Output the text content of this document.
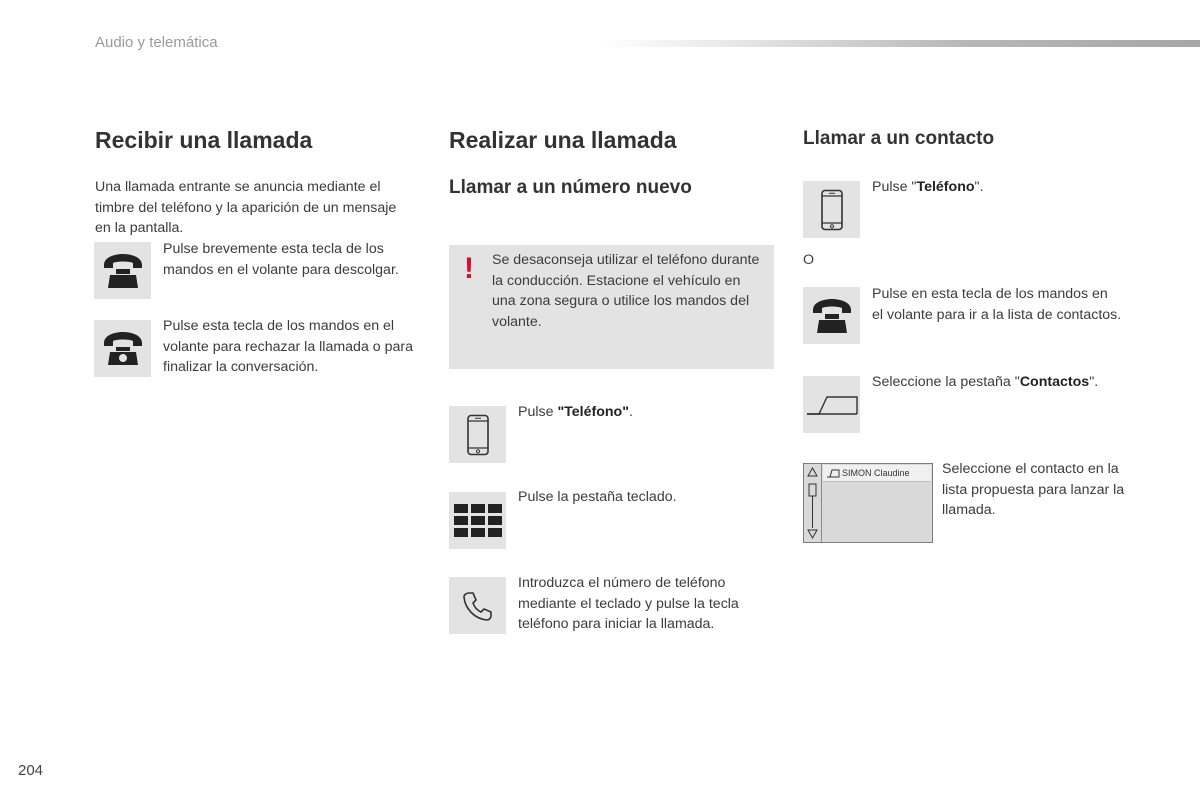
Audio y telemática
Recibir una llamada
Una llamada entrante se anuncia mediante el timbre del teléfono y la aparición de un mensaje en la pantalla.
Pulse brevemente esta tecla de los mandos en el volante para descolgar.
Pulse esta tecla de los mandos en el volante para rechazar la llamada o para finalizar la conversación.
Realizar una llamada
Llamar a un número nuevo
! Se desaconseja utilizar el teléfono durante la conducción. Estacione el vehículo en una zona segura o utilice los mandos del volante.
Pulse "Teléfono".
Pulse la pestaña teclado.
Introduzca el número de teléfono mediante el teclado y pulse la tecla teléfono para iniciar la llamada.
Llamar a un contacto
Pulse "Teléfono".
O
Pulse en esta tecla de los mandos en el volante para ir a la lista de contactos.
Seleccione la pestaña "Contactos".
SIMON Claudine Seleccione el contacto en la lista propuesta para lanzar la llamada.
204
